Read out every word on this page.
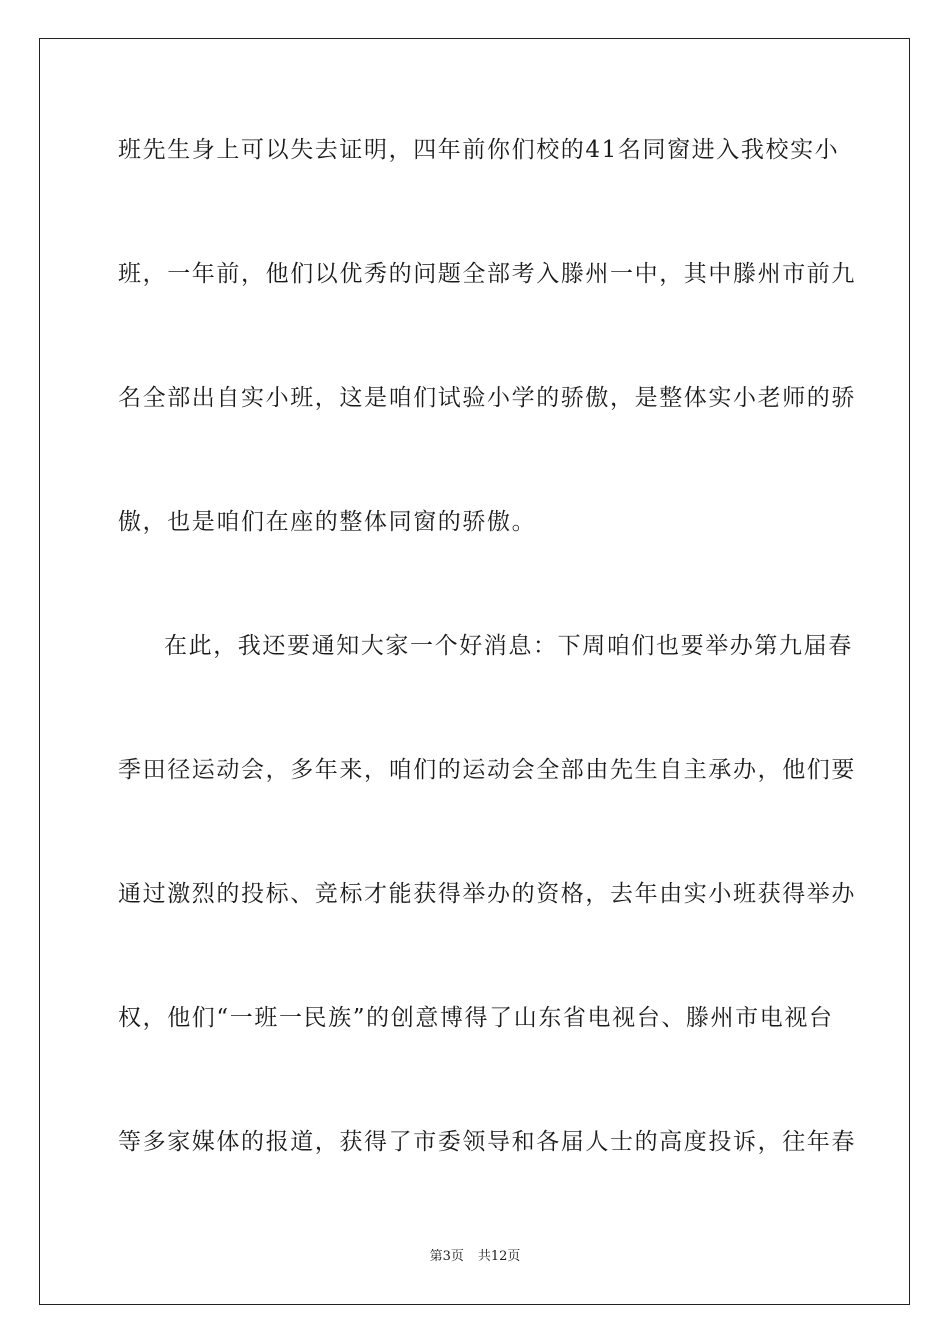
班先生身上可以失去证明，四年前你们校的41名同窗进入我校实小
班，一年前，他们以优秀的问题全部考入滕州一中，其中滕州市前九
名全部出自实小班，这是咱们试验小学的骄傲，是整体实小老师的骄
傲，也是咱们在座的整体同窗的骄傲。
在此，我还要通知大家一个好消息：下周咱们也要举办第九届春
季田径运动会，多年来，咱们的运动会全部由先生自主承办，他们要
通过激烈的投标、竞标才能获得举办的资格，去年由实小班获得举办
权，他们“一班一民族”的创意博得了山东省电视台、滕州市电视台
等多家媒体的报道，获得了市委领导和各届人士的高度投诉，往年春
第3页 共12页
